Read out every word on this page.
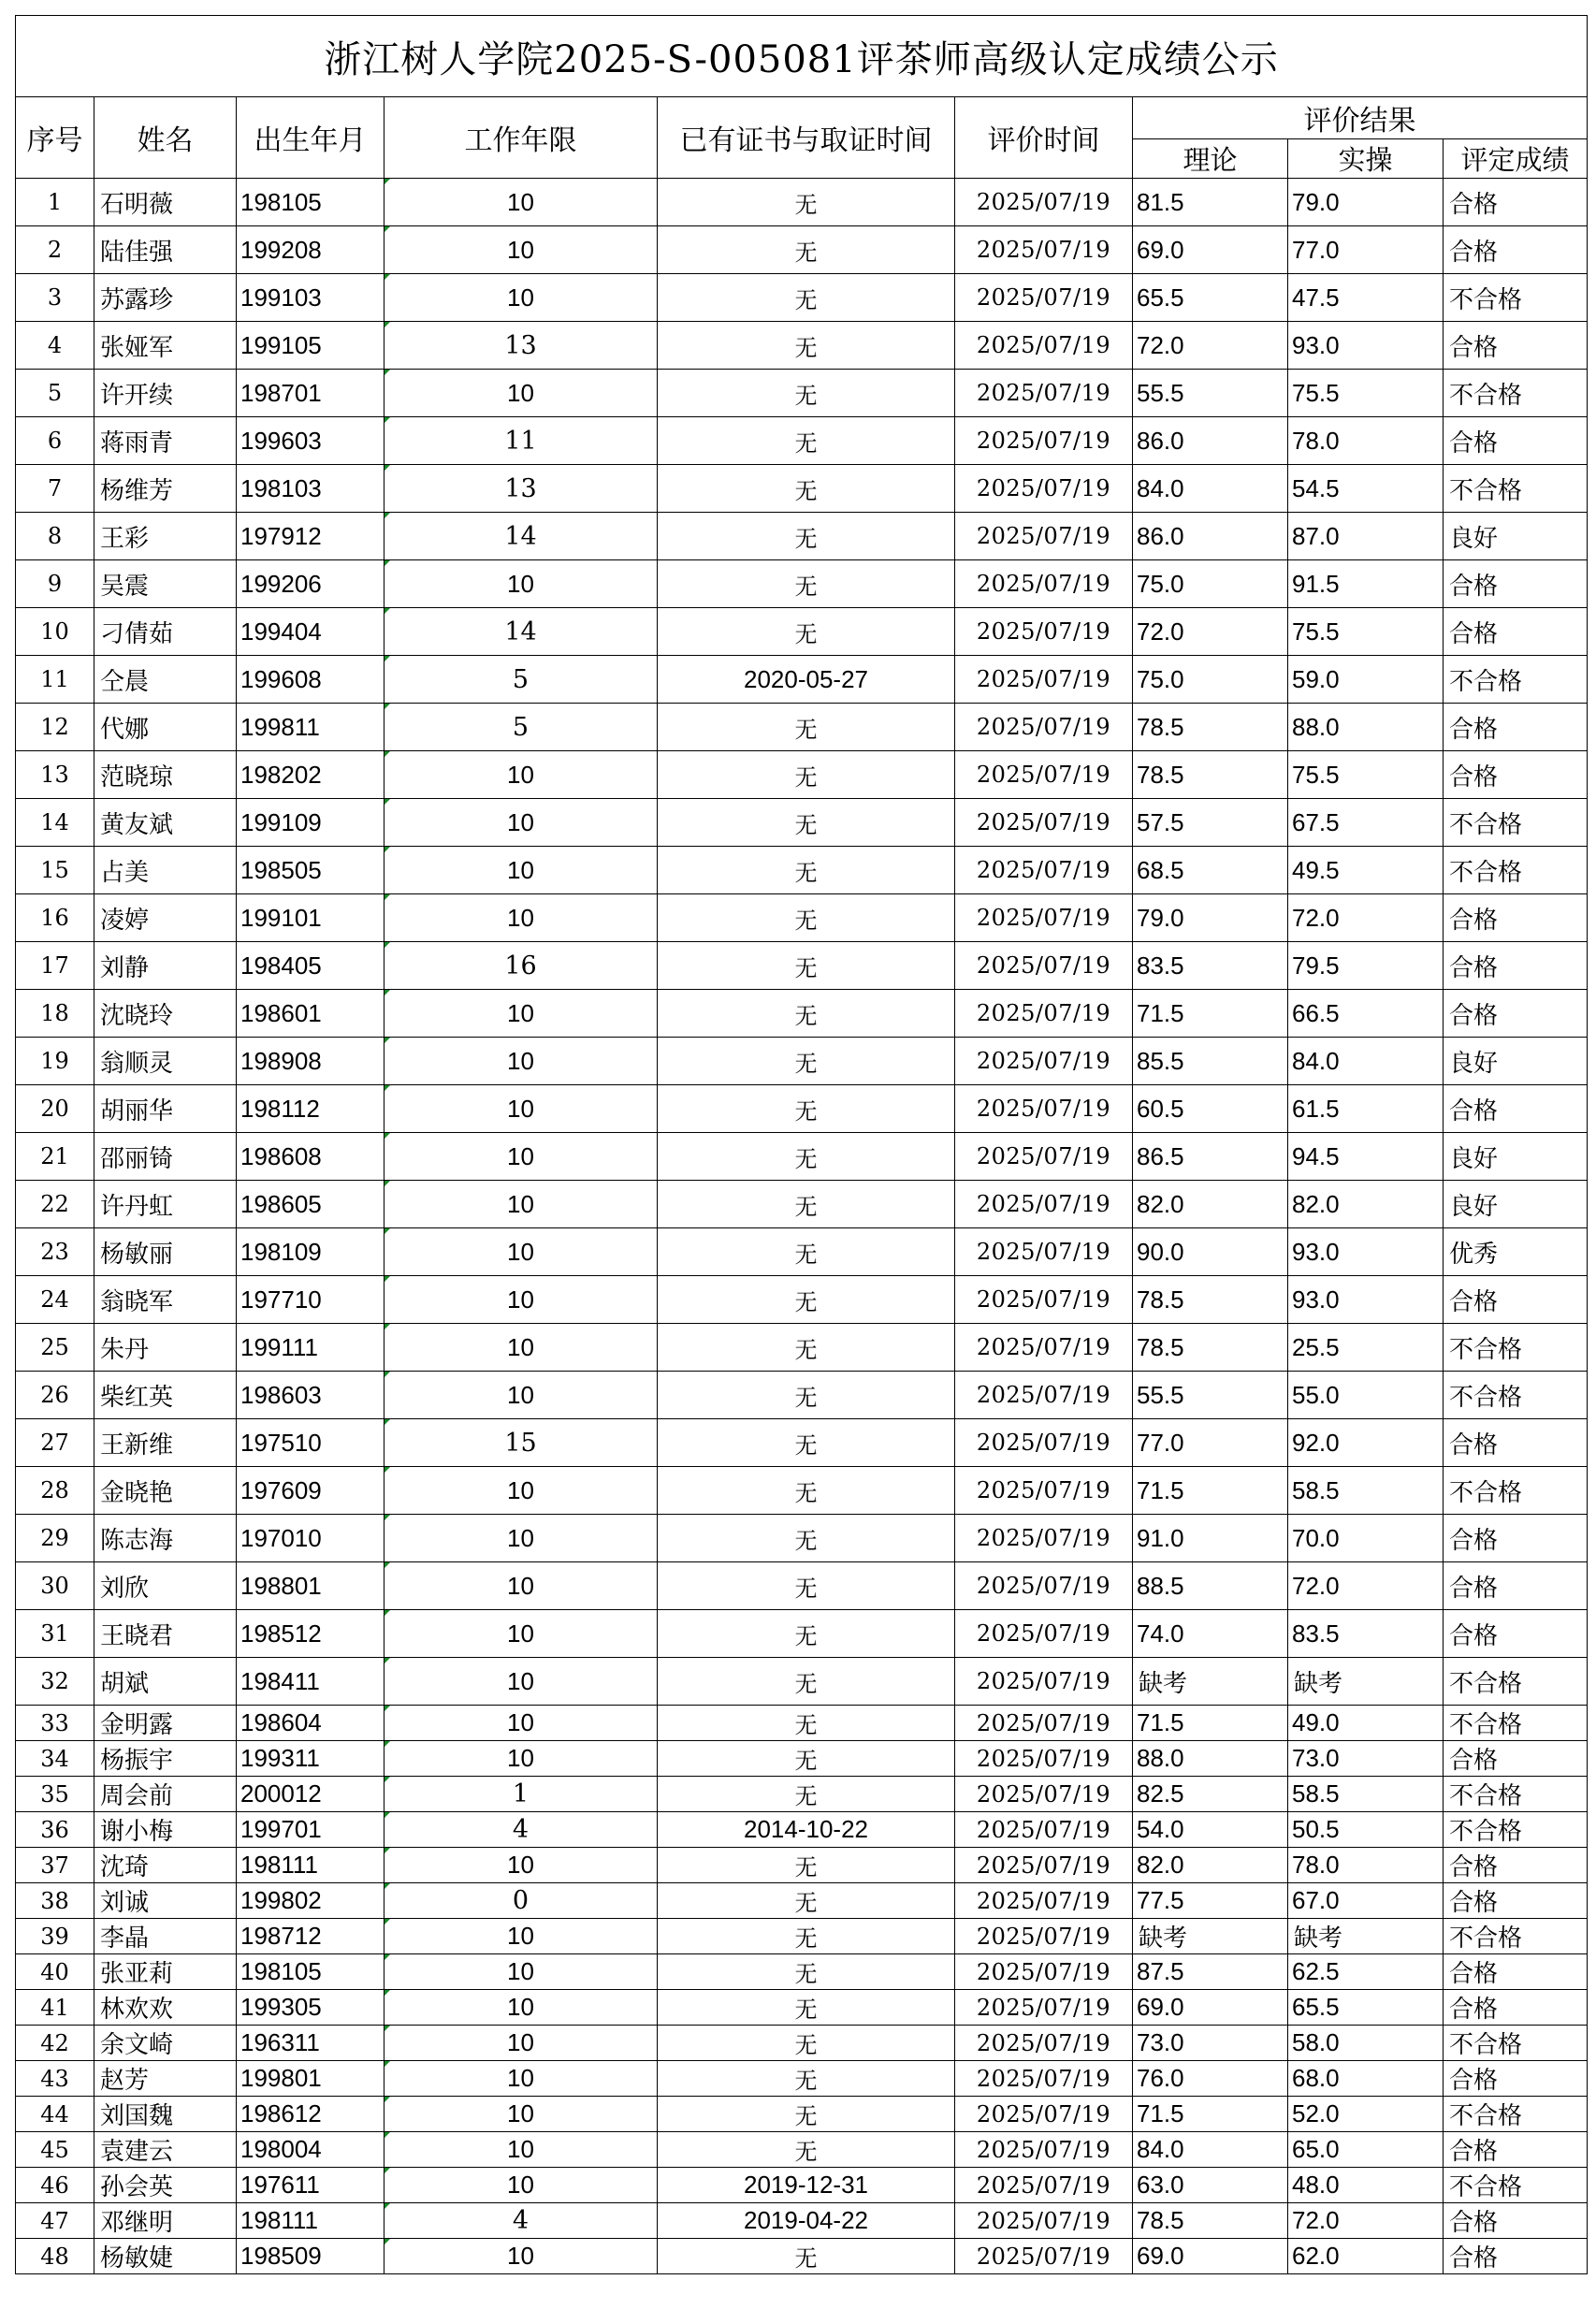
浙江树人学院2025-S-005081评茶师高级认定成绩公示								
序号	姓名	出生年月	工作年限	已有证书与取证时间	评价时间	评价结果		
						理论	实操	评定成绩
1	石明薇	198105	10	无	2025/07/19	81.5	79.0	合格
2	陆佳强	199208	10	无	2025/07/19	69.0	77.0	合格
3	苏露珍	199103	10	无	2025/07/19	65.5	47.5	不合格
4	张娅军	199105	13	无	2025/07/19	72.0	93.0	合格
5	许开续	198701	10	无	2025/07/19	55.5	75.5	不合格
6	蒋雨青	199603	11	无	2025/07/19	86.0	78.0	合格
7	杨维芳	198103	13	无	2025/07/19	84.0	54.5	不合格
8	王彩	197912	14	无	2025/07/19	86.0	87.0	良好
9	吴震	199206	10	无	2025/07/19	75.0	91.5	合格
10	刁倩茹	199404	14	无	2025/07/19	72.0	75.5	合格
11	仝晨	199608	5	2020-05-27	2025/07/19	75.0	59.0	不合格
12	代娜	199811	5	无	2025/07/19	78.5	88.0	合格
13	范晓琼	198202	10	无	2025/07/19	78.5	75.5	合格
14	黄友斌	199109	10	无	2025/07/19	57.5	67.5	不合格
15	占美	198505	10	无	2025/07/19	68.5	49.5	不合格
16	凌婷	199101	10	无	2025/07/19	79.0	72.0	合格
17	刘静	198405	16	无	2025/07/19	83.5	79.5	合格
18	沈晓玲	198601	10	无	2025/07/19	71.5	66.5	合格
19	翁顺灵	198908	10	无	2025/07/19	85.5	84.0	良好
20	胡丽华	198112	10	无	2025/07/19	60.5	61.5	合格
21	邵丽锜	198608	10	无	2025/07/19	86.5	94.5	良好
22	许丹虹	198605	10	无	2025/07/19	82.0	82.0	良好
23	杨敏丽	198109	10	无	2025/07/19	90.0	93.0	优秀
24	翁晓军	197710	10	无	2025/07/19	78.5	93.0	合格
25	朱丹	199111	10	无	2025/07/19	78.5	25.5	不合格
26	柴红英	198603	10	无	2025/07/19	55.5	55.0	不合格
27	王新维	197510	15	无	2025/07/19	77.0	92.0	合格
28	金晓艳	197609	10	无	2025/07/19	71.5	58.5	不合格
29	陈志海	197010	10	无	2025/07/19	91.0	70.0	合格
30	刘欣	198801	10	无	2025/07/19	88.5	72.0	合格
31	王晓君	198512	10	无	2025/07/19	74.0	83.5	合格
32	胡斌	198411	10	无	2025/07/19	缺考	缺考	不合格
33	金明露	198604	10	无	2025/07/19	71.5	49.0	不合格
34	杨振宇	199311	10	无	2025/07/19	88.0	73.0	合格
35	周会前	200012	1	无	2025/07/19	82.5	58.5	不合格
36	谢小梅	199701	4	2014-10-22	2025/07/19	54.0	50.5	不合格
37	沈琦	198111	10	无	2025/07/19	82.0	78.0	合格
38	刘诚	199802	0	无	2025/07/19	77.5	67.0	合格
39	李晶	198712	10	无	2025/07/19	缺考	缺考	不合格
40	张亚莉	198105	10	无	2025/07/19	87.5	62.5	合格
41	林欢欢	199305	10	无	2025/07/19	69.0	65.5	合格
42	余文崎	196311	10	无	2025/07/19	73.0	58.0	不合格
43	赵芳	199801	10	无	2025/07/19	76.0	68.0	合格
44	刘国魏	198612	10	无	2025/07/19	71.5	52.0	不合格
45	袁建云	198004	10	无	2025/07/19	84.0	65.0	合格
46	孙会英	197611	10	2019-12-31	2025/07/19	63.0	48.0	不合格
47	邓继明	198111	4	2019-04-22	2025/07/19	78.5	72.0	合格
48	杨敏婕	198509	10	无	2025/07/19	69.0	62.0	合格
